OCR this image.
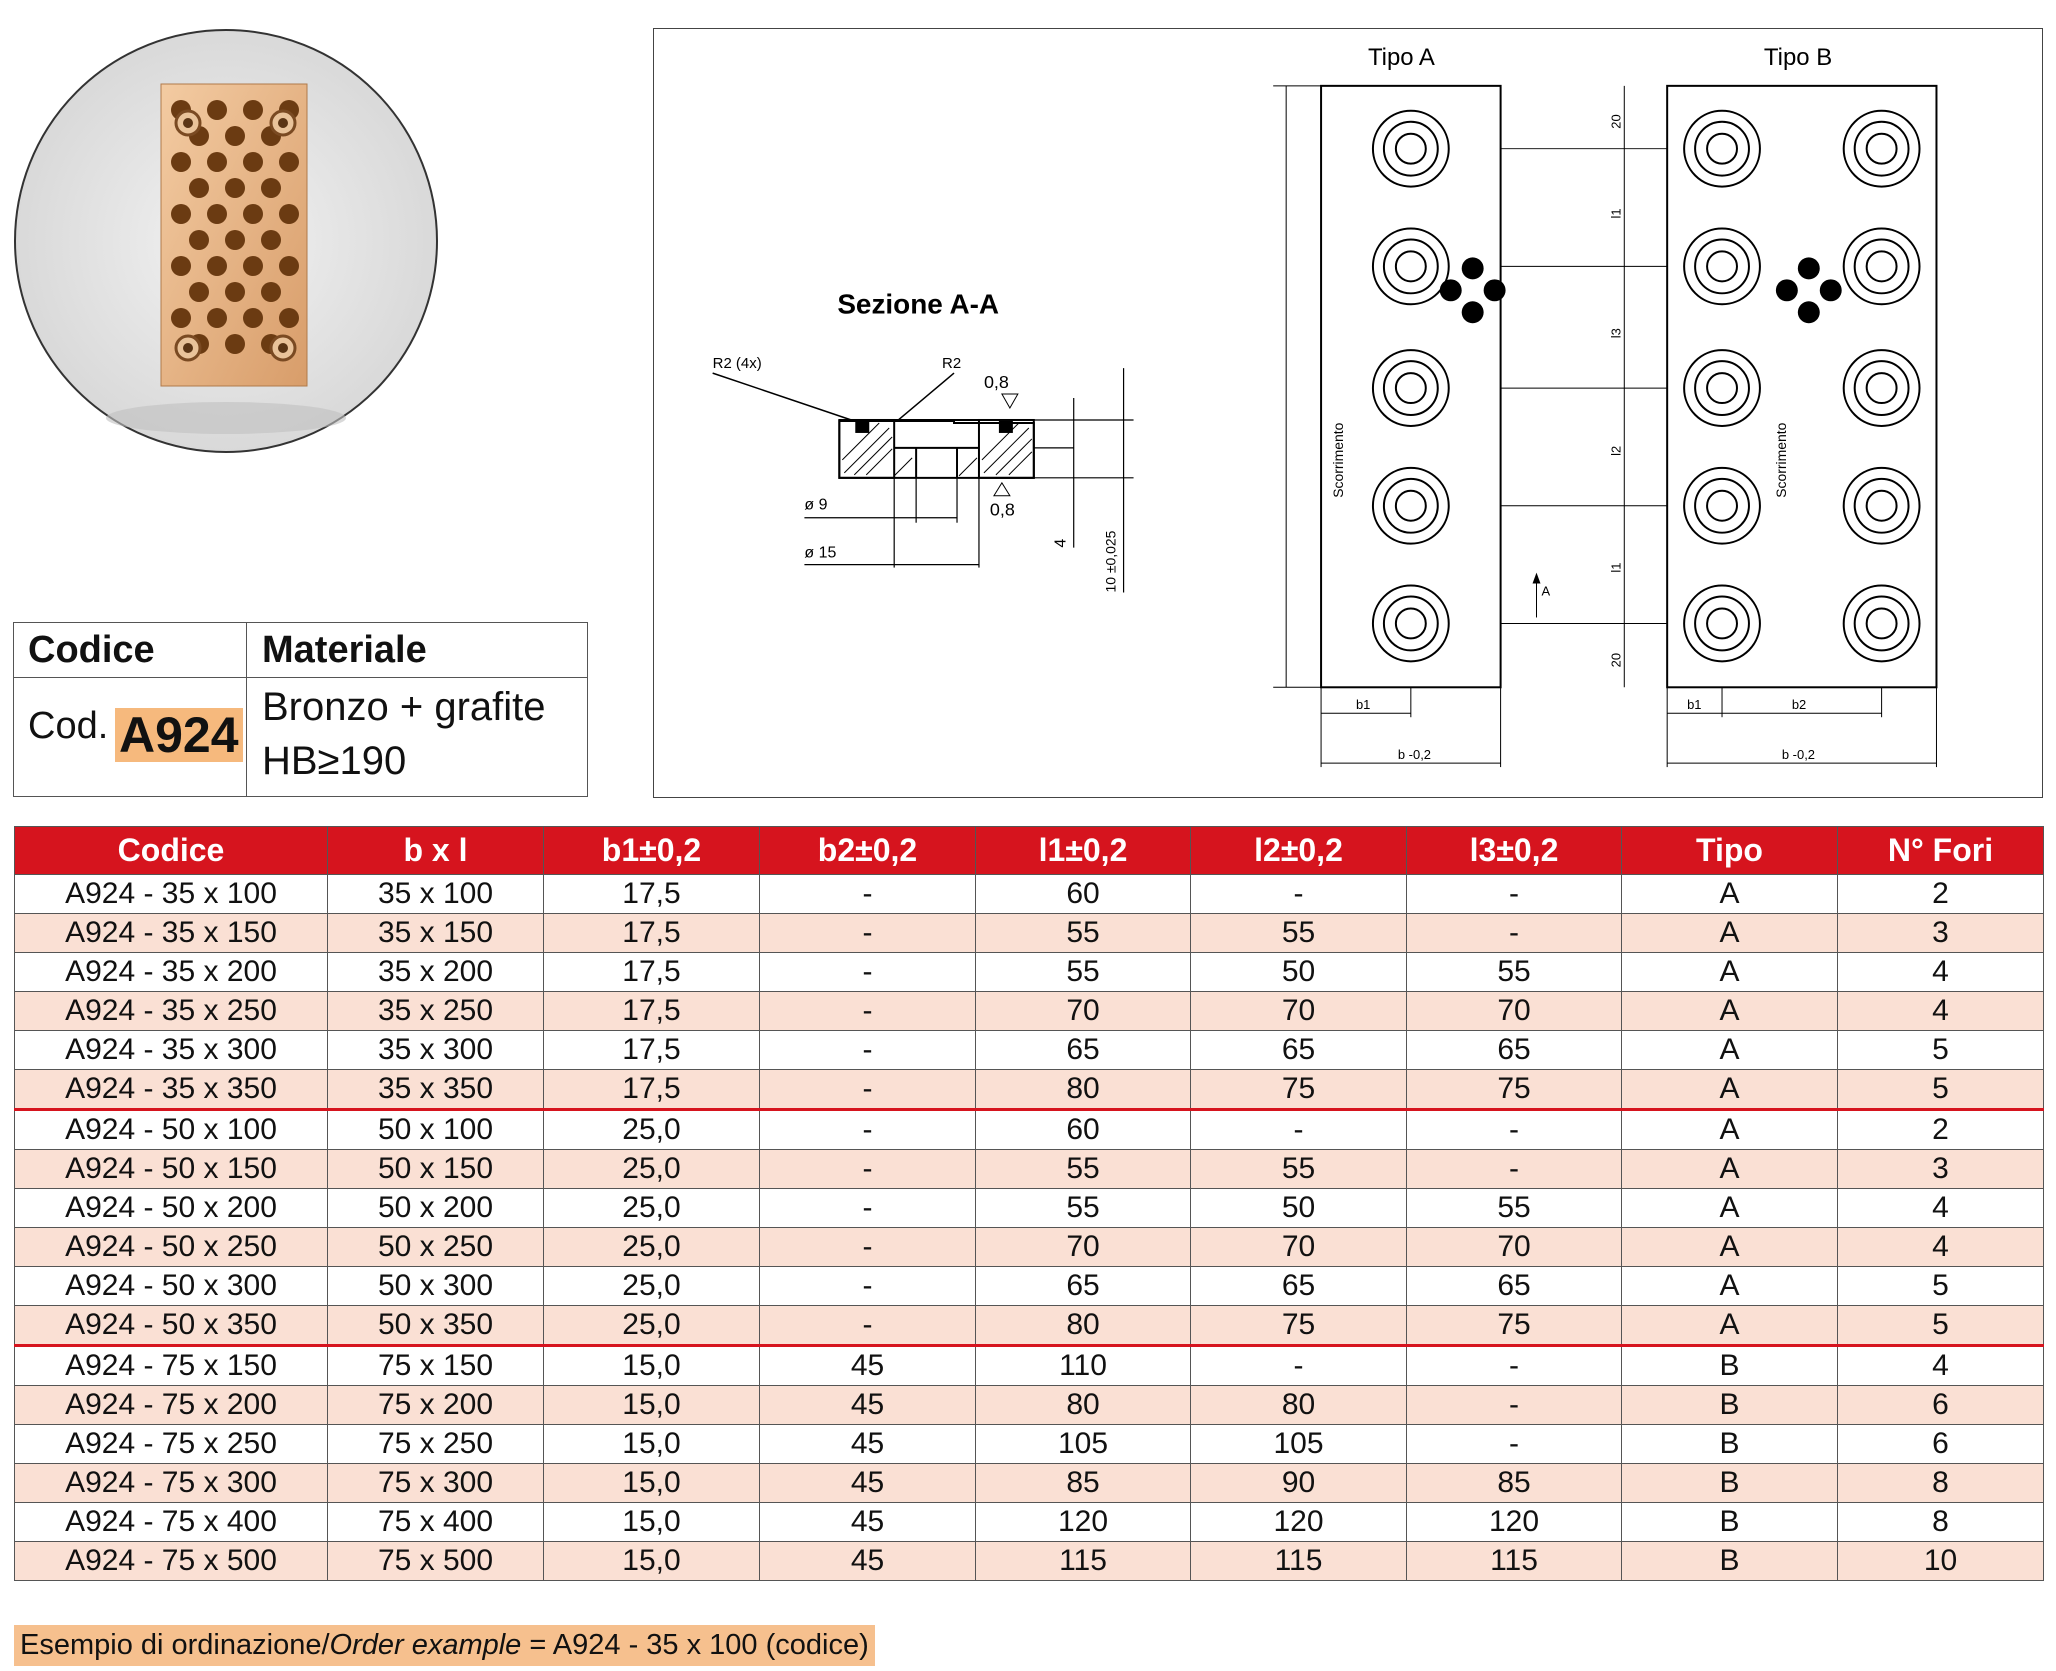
Codice	Materiale
Cod. A924 Bronzo + grafite
HB≥190
Sezione A-A
R2 (4x)	R2
0,8
0,8
ø 9
ø 15
4 10 ±0,025
Tipo A	Tipo B
A
20
l1
l3
l2
l1
20
b1
b -0,2
b1	b2
b -0,2
Scorrimento	Scorrimento
Codice	b x l	b1±0,2	b2±0,2	l1±0,2	l2±0,2	l3±0,2	Tipo	N° Fori
A924 - 35 x 100	35 x 100	17,5	-	60	-	-	A	2
A924 - 35 x 150	35 x 150	17,5	-	55	55	-	A	3
A924 - 35 x 200	35 x 200	17,5	-	55	50	55	A	4
A924 - 35 x 250	35 x 250	17,5	-	70	70	70	A	4
A924 - 35 x 300	35 x 300	17,5	-	65	65	65	A	5
A924 - 35 x 350	35 x 350	17,5	-	80	75	75	A	5
A924 - 50 x 100	50 x 100	25,0	-	60	-	-	A	2
A924 - 50 x 150	50 x 150	25,0	-	55	55	-	A	3
A924 - 50 x 200	50 x 200	25,0	-	55	50	55	A	4
A924 - 50 x 250	50 x 250	25,0	-	70	70	70	A	4
A924 - 50 x 300	50 x 300	25,0	-	65	65	65	A	5
A924 - 50 x 350	50 x 350	25,0	-	80	75	75	A	5
A924 - 75 x 150	75 x 150	15,0	45	110	-	-	B	4
A924 - 75 x 200	75 x 200	15,0	45	80	80	-	B	6
A924 - 75 x 250	75 x 250	15,0	45	105	105	-	B	6
A924 - 75 x 300	75 x 300	15,0	45	85	90	85	B	8
A924 - 75 x 400	75 x 400	15,0	45	120	120	120	B	8
A924 - 75 x 500	75 x 500	15,0	45	115	115	115	B	10
Esempio di ordinazione/Order example = A924 - 35 x 100 (codice)
